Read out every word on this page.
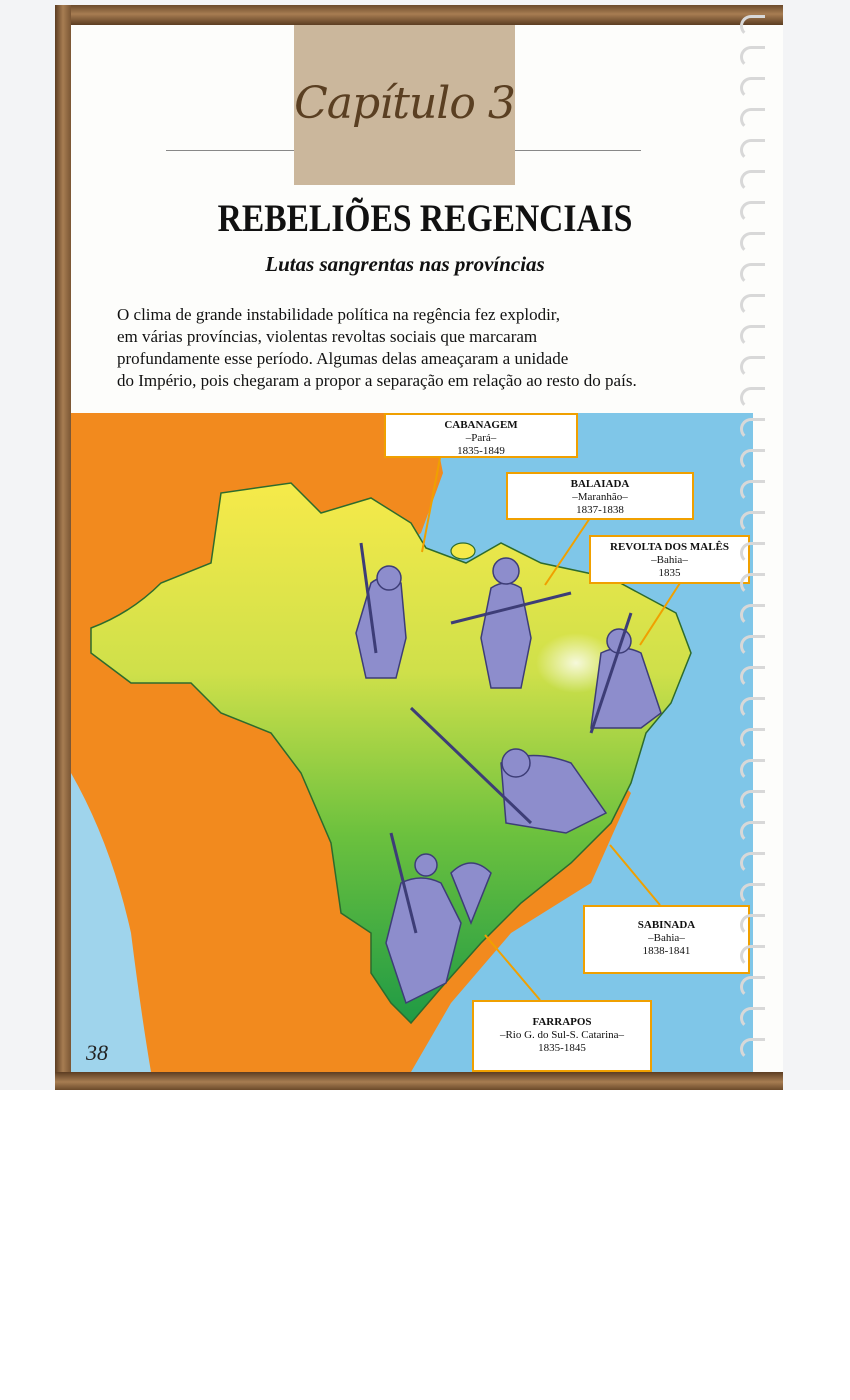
Capítulo 3
REBELIÕES REGENCIAIS
Lutas sangrentas nas províncias
O clima de grande instabilidade política na regência fez explodir,
em várias províncias, violentas revoltas sociais que marcaram
profundamente esse período. Algumas delas ameaçaram a unidade
do Império, pois chegaram a propor a separação em relação ao resto do país.
CABANAGEM
–Pará–
1835-1849
BALAIADA
–Maranhão–
1837-1838
REVOLTA DOS MALÊS
–Bahia–
1835
SABINADA
–Bahia–
1838-1841
FARRAPOS
–Rio G. do Sul-S. Catarina–
1835-1845
38
